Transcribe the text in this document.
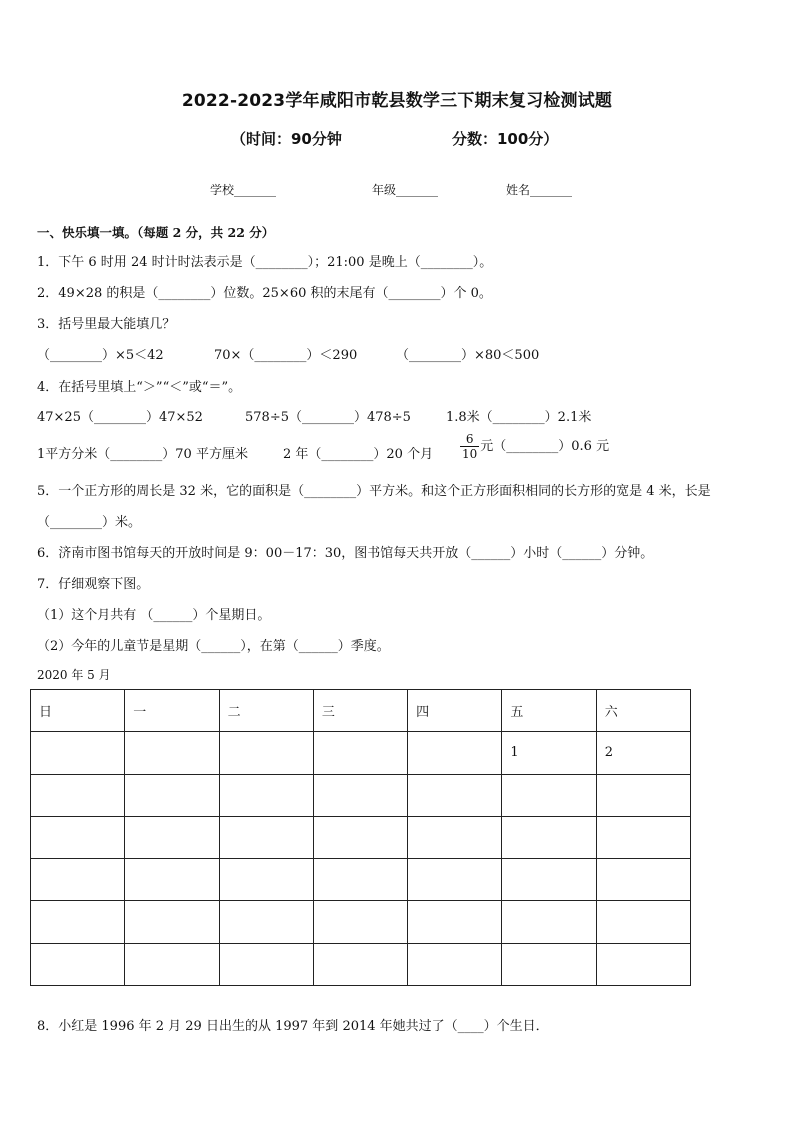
2022-2023学年咸阳市乾县数学三下期末复习检测试题
（时间：90分钟	分数：100分）
学校_______	年级_______	姓名_______
一、快乐填一填。（每题 2 分，共 22 分）
1．下午 6 时用 24 时计时法表示是（________）；21:00 是晚上（________）。
2．49×28 的积是（________）位数。25×60 积的末尾有（________）个 0。
3．括号里最大能填几？
（________）×5＜42	70×（________）＜290	（________）×80＜500
4．在括号里填上“＞”“＜”或“＝”。
47×25（________）47×52	578÷5（________）478÷5	1.8米（________）2.1米
1平方分米（________）70 平方厘米	2 年（________）20 个月 $\frac{6}{10}$ 元（________）0.6 元
5．一个正方形的周长是 32 米，它的面积是（________）平方米。和这个正方形面积相同的长方形的宽是 4 米，长是
（________）米。
6．济南市图书馆每天的开放时间是 9：00－17：30，图书馆每天共开放（______）小时（______）分钟。
7．仔细观察下图。
（1）这个月共有 （______）个星期日。
（2）今年的儿童节是星期（______），在第（______）季度。
2020 年 5 月
日	一	二	三	四	五	六
					1	2

8．小红是 1996 年 2 月 29 日出生的从 1997 年到 2014 年她共过了（____）个生日．
